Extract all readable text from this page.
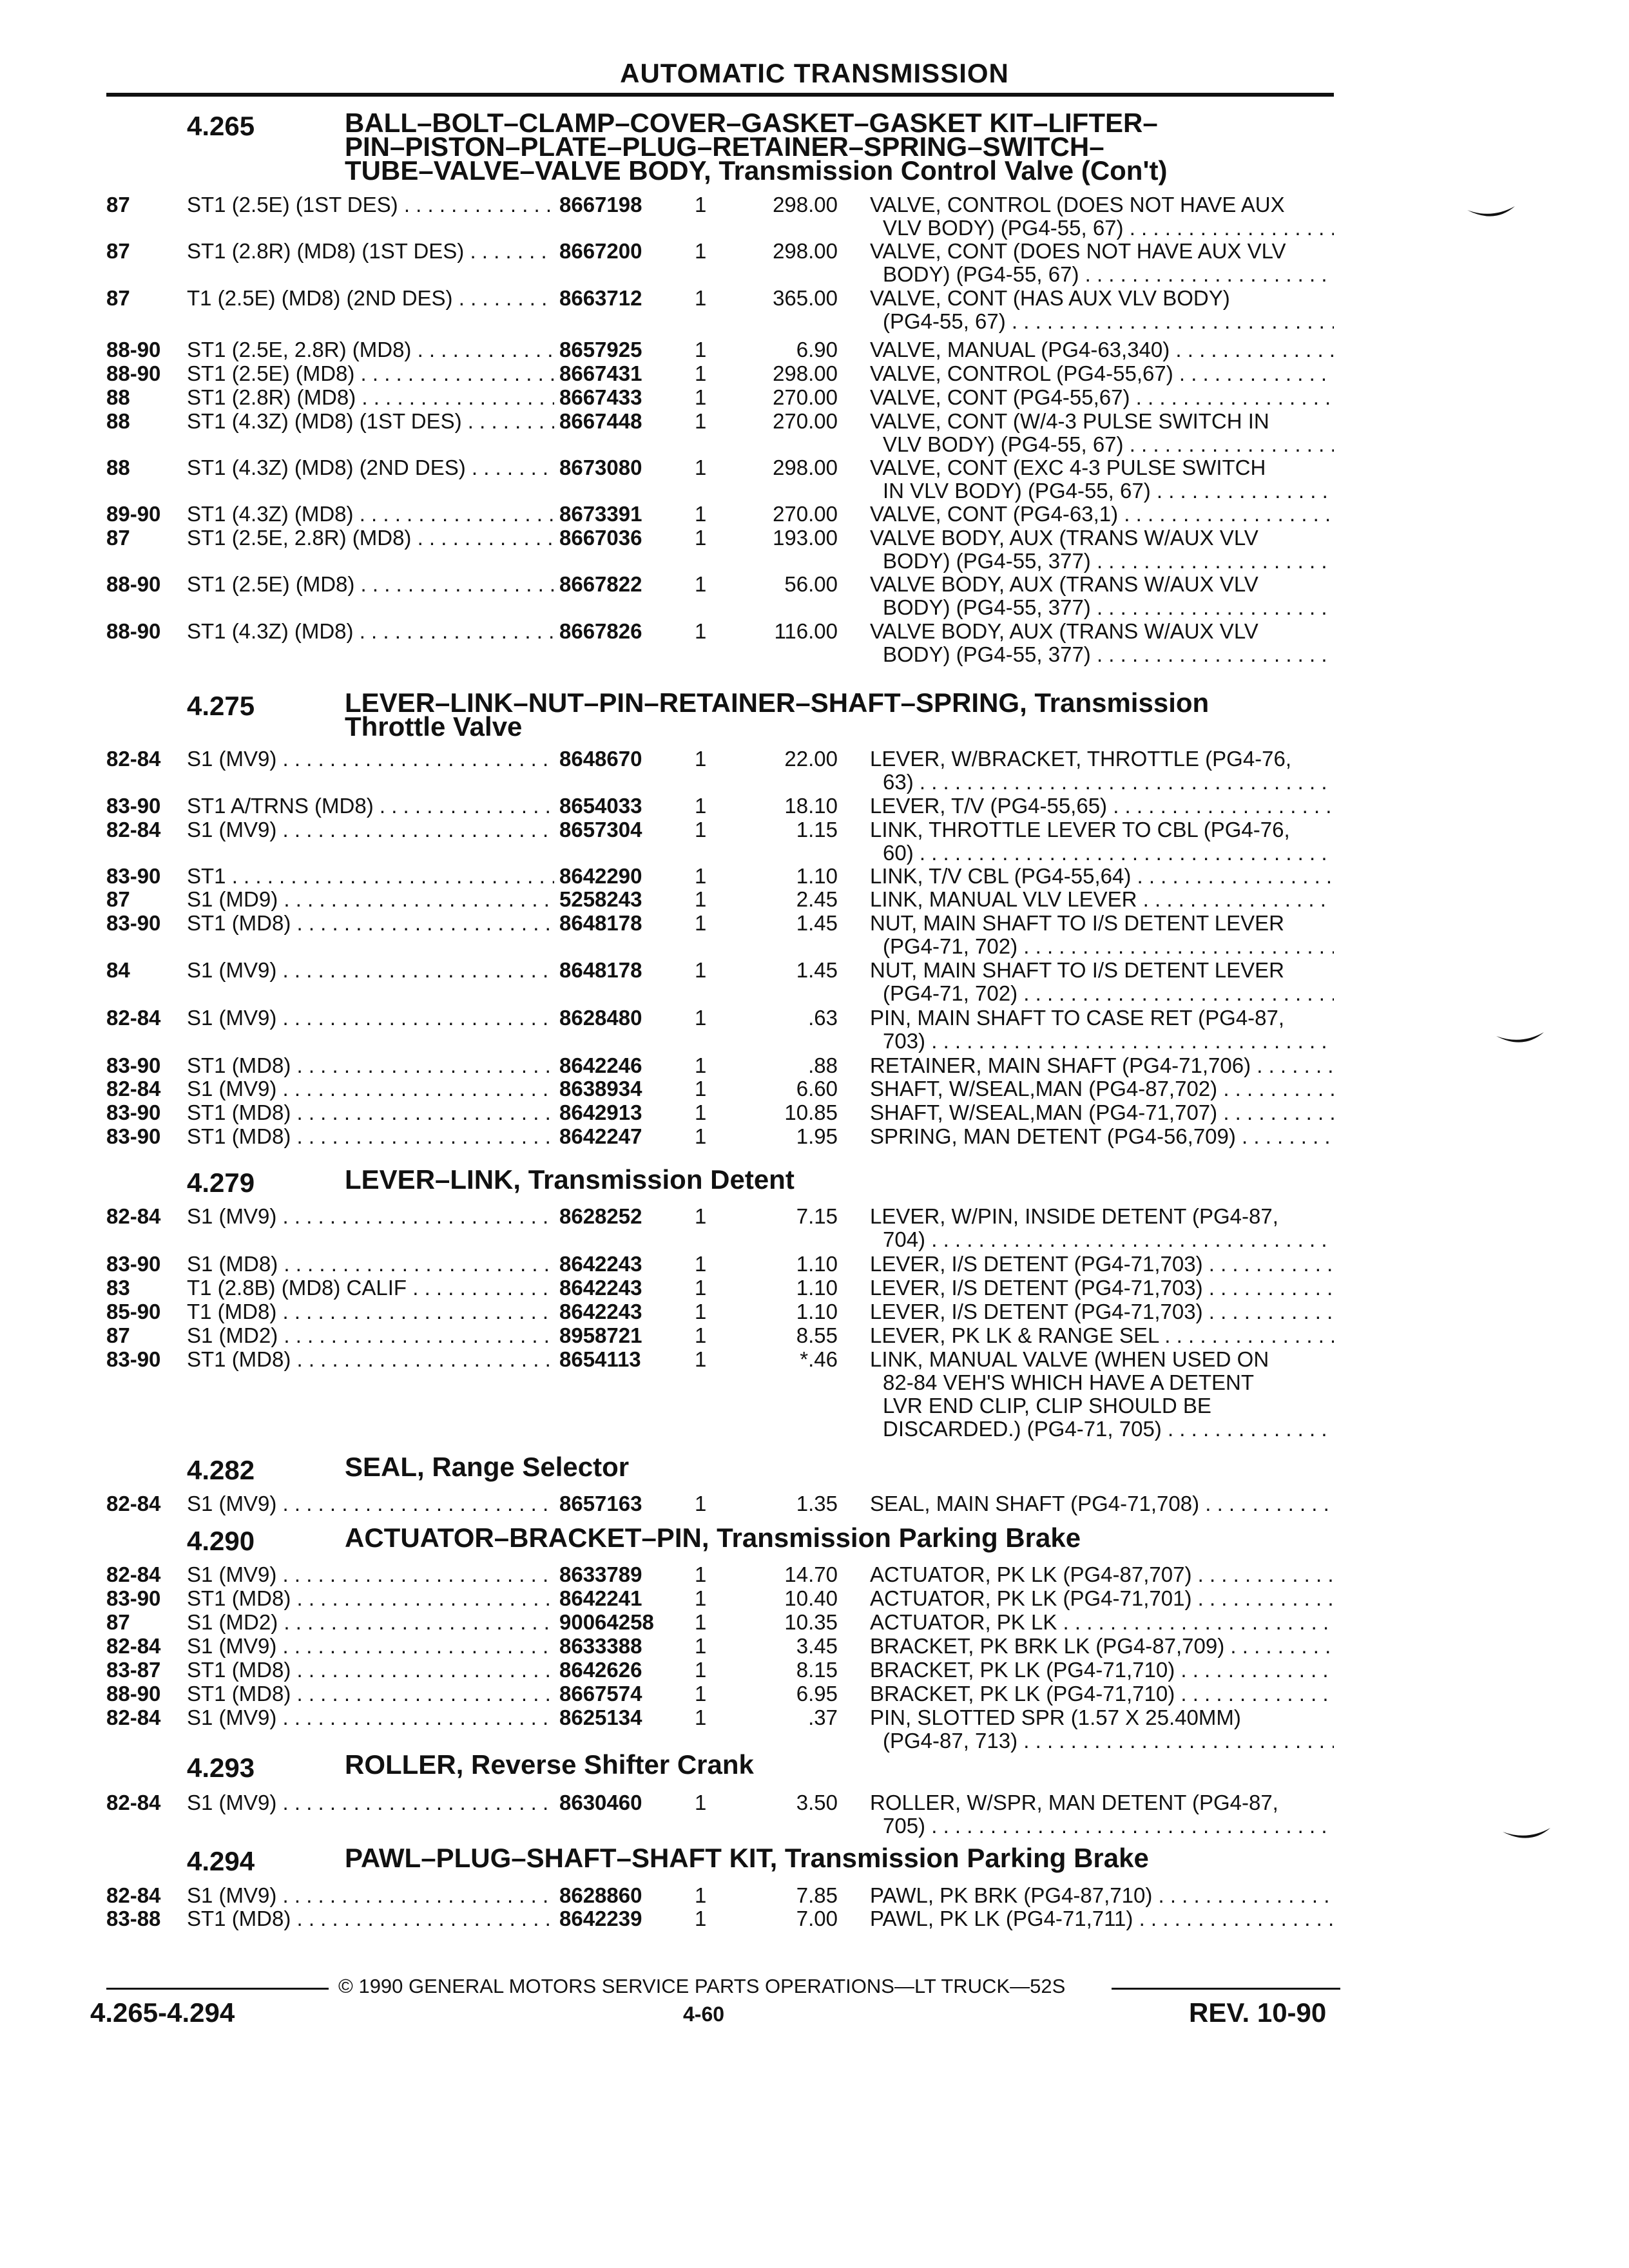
AUTOMATIC TRANSMISSION
4.265	BALL–BOLT–CLAMP–COVER–GASKET–GASKET KIT–LIFTER–
PIN–PISTON–PLATE–PLUG–RETAINER–SPRING–SWITCH–
TUBE–VALVE–VALVE BODY, Transmission Control Valve (Con't)
87	ST1 (2.5E) (1ST DES) . . .	8667198 1	298.00 VALVE, CONTROL (DOES NOT HAVE AUX
VLV BODY) (PG4-55, 67) . . .
87	ST1 (2.8R) (MD8) (1ST DES) . . .	8667200 1	298.00 VALVE, CONT (DOES NOT HAVE AUX VLV
BODY) (PG4-55, 67) . . .
87	T1 (2.5E) (MD8) (2ND DES) . . .	8663712 1	365.00 VALVE, CONT (HAS AUX VLV BODY)
(PG4-55, 67) . . .
88-90 ST1 (2.5E, 2.8R) (MD8) . . .	8657925 1	6.90 VALVE, MANUAL (PG4-63,340) . . .
88-90 ST1 (2.5E) (MD8) . . .	8667431 1	298.00 VALVE, CONTROL (PG4-55,67) . . .
88	ST1 (2.8R) (MD8) . . .	8667433 1	270.00 VALVE, CONT (PG4-55,67) . . .
88	ST1 (4.3Z) (MD8) (1ST DES) . . .	8667448 1	270.00 VALVE, CONT (W/4-3 PULSE SWITCH IN
VLV BODY) (PG4-55, 67) . . .
88	ST1 (4.3Z) (MD8) (2ND DES) . . .	8673080 1	298.00 VALVE, CONT (EXC 4-3 PULSE SWITCH
IN VLV BODY) (PG4-55, 67) . . .
89-90 ST1 (4.3Z) (MD8) . . .	8673391 1	270.00 VALVE, CONT (PG4-63,1) . . .
87	ST1 (2.5E, 2.8R) (MD8) . . .	8667036 1	193.00 VALVE BODY, AUX (TRANS W/AUX VLV
BODY) (PG4-55, 377) . . .
88-90 ST1 (2.5E) (MD8) . . .	8667822 1	56.00 VALVE BODY, AUX (TRANS W/AUX VLV
BODY) (PG4-55, 377) . . .
88-90 ST1 (4.3Z) (MD8) . . .	8667826 1	116.00 VALVE BODY, AUX (TRANS W/AUX VLV
BODY) (PG4-55, 377) . . .
4.275	LEVER–LINK–NUT–PIN–RETAINER–SHAFT–SPRING, Transmission
Throttle Valve
82-84 S1 (MV9) . . .	8648670 1	22.00 LEVER, W/BRACKET, THROTTLE (PG4-76,
63) . . .
83-90 ST1 A/TRNS (MD8) . . .	8654033 1	18.10 LEVER, T/V (PG4-55,65) . . .
82-84 S1 (MV9) . . .	8657304 1	1.15 LINK, THROTTLE LEVER TO CBL (PG4-76,
60) . . .
83-90 ST1 . . .	8642290 1	1.10 LINK, T/V CBL (PG4-55,64) . . .
87	S1 (MD9) . . .	5258243 1	2.45 LINK, MANUAL VLV LEVER . . .
83-90 ST1 (MD8) . . .	8648178 1	1.45 NUT, MAIN SHAFT TO I/S DETENT LEVER
(PG4-71, 702) . . .
84	S1 (MV9) . . .	8648178 1	1.45 NUT, MAIN SHAFT TO I/S DETENT LEVER
(PG4-71, 702) . . .
82-84 S1 (MV9) . . .	8628480 1	.63 PIN, MAIN SHAFT TO CASE RET (PG4-87,
703) . . .
83-90 ST1 (MD8) . . .	8642246 1	.88 RETAINER, MAIN SHAFT (PG4-71,706) . . .
82-84 S1 (MV9) . . .	8638934 1	6.60 SHAFT, W/SEAL,MAN (PG4-87,702) . . .
83-90 ST1 (MD8) . . .	8642913 1	10.85 SHAFT, W/SEAL,MAN (PG4-71,707) . . .
83-90 ST1 (MD8) . . .	8642247 1	1.95 SPRING, MAN DETENT (PG4-56,709) . . .
4.279	LEVER–LINK, Transmission Detent
82-84 S1 (MV9) . . .	8628252 1	7.15 LEVER, W/PIN, INSIDE DETENT (PG4-87,
704) . . .
83-90 S1 (MD8) . . .	8642243 1	1.10 LEVER, I/S DETENT (PG4-71,703) . . .
83	T1 (2.8B) (MD8) CALIF . . .	8642243 1	1.10 LEVER, I/S DETENT (PG4-71,703) . . .
85-90 T1 (MD8) . . .	8642243 1	1.10 LEVER, I/S DETENT (PG4-71,703) . . .
87	S1 (MD2) . . .	8958721 1	8.55 LEVER, PK LK & RANGE SEL . . .
83-90 ST1 (MD8) . . .	8654113	1	*.46 LINK, MANUAL VALVE (WHEN USED ON
82-84 VEH'S WHICH HAVE A DETENT
LVR END CLIP, CLIP SHOULD BE
DISCARDED.) (PG4-71, 705) . . .
4.282	SEAL, Range Selector
82-84 S1 (MV9) . . .	8657163 1	1.35 SEAL, MAIN SHAFT (PG4-71,708) . . .
4.290	ACTUATOR–BRACKET–PIN, Transmission Parking Brake
82-84 S1 (MV9) . . .	8633789 1	14.70 ACTUATOR, PK LK (PG4-87,707) . . .
83-90 ST1 (MD8) . . .	8642241 1	10.40 ACTUATOR, PK LK (PG4-71,701) . . .
87	S1 (MD2) . . .	90064258 1	10.35 ACTUATOR, PK LK . . .
82-84 S1 (MV9) . . .	8633388 1	3.45 BRACKET, PK BRK LK (PG4-87,709) . . .
83-87 ST1 (MD8) . . .	8642626 1	8.15 BRACKET, PK LK (PG4-71,710) . . .
88-90 ST1 (MD8) . . .	8667574 1	6.95 BRACKET, PK LK (PG4-71,710) . . .
82-84 S1 (MV9) . . .	8625134 1	.37 PIN, SLOTTED SPR (1.57 X 25.40MM)
(PG4-87, 713) . . .
4.293	ROLLER, Reverse Shifter Crank
82-84 S1 (MV9) . . .	8630460 1	3.50 ROLLER, W/SPR, MAN DETENT (PG4-87,
705) . . .
4.294	PAWL–PLUG–SHAFT–SHAFT KIT, Transmission Parking Brake
82-84 S1 (MV9) . . .	8628860 1	7.85 PAWL, PK BRK (PG4-87,710) . . .
83-88 ST1 (MD8) . . .	8642239 1	7.00 PAWL, PK LK (PG4-71,711) . . .
© 1990 GENERAL MOTORS SERVICE PARTS OPERATIONS—LT TRUCK—52S
4.265-4.294	4-60	REV. 10-90
